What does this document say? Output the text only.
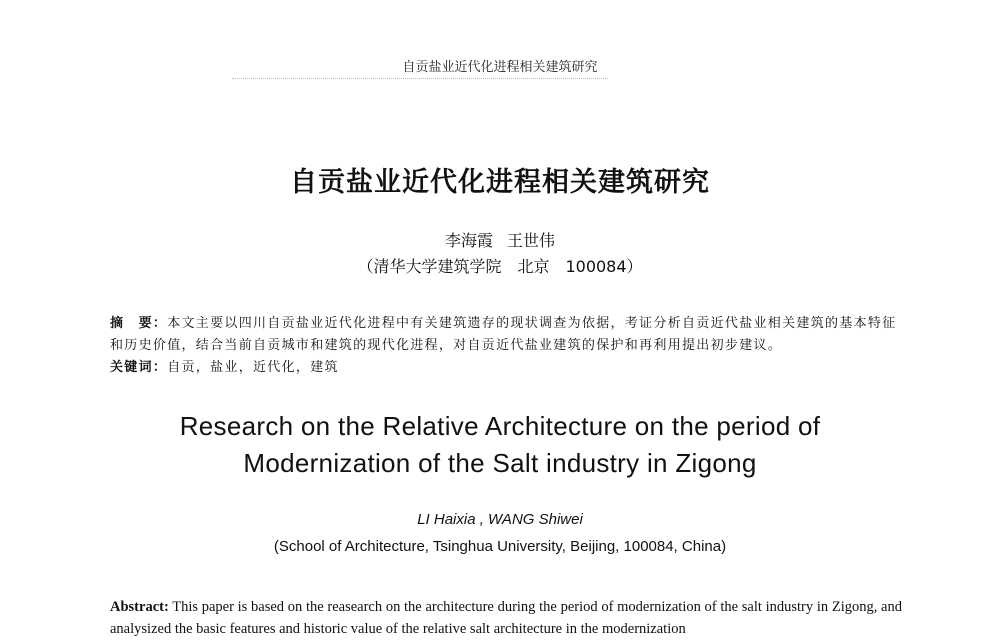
自贡盐业近代化进程相关建筑研究
自贡盐业近代化进程相关建筑研究
李海霞 王世伟
（清华大学建筑学院　北京　100084）
摘　要：本文主要以四川自贡盐业近代化进程中有关建筑遗存的现状调查为依据，考证分析自贡近代盐业相关建筑的基本特征和历史价值，结合当前自贡城市和建筑的现代化进程，对自贡近代盐业建筑的保护和再利用提出初步建议。
关键词：自贡，盐业，近代化，建筑
Research on the Relative Architecture on the period of
Modernization of the Salt industry in Zigong
LI Haixia , WANG Shiwei
(School of Architecture, Tsinghua University, Beijing, 100084, China)
Abstract: This paper is based on the reasearch on the architecture during the period of modernization of the salt industry in Zigong, and analysized the basic features and historic value of the relative salt architecture in the modernization
